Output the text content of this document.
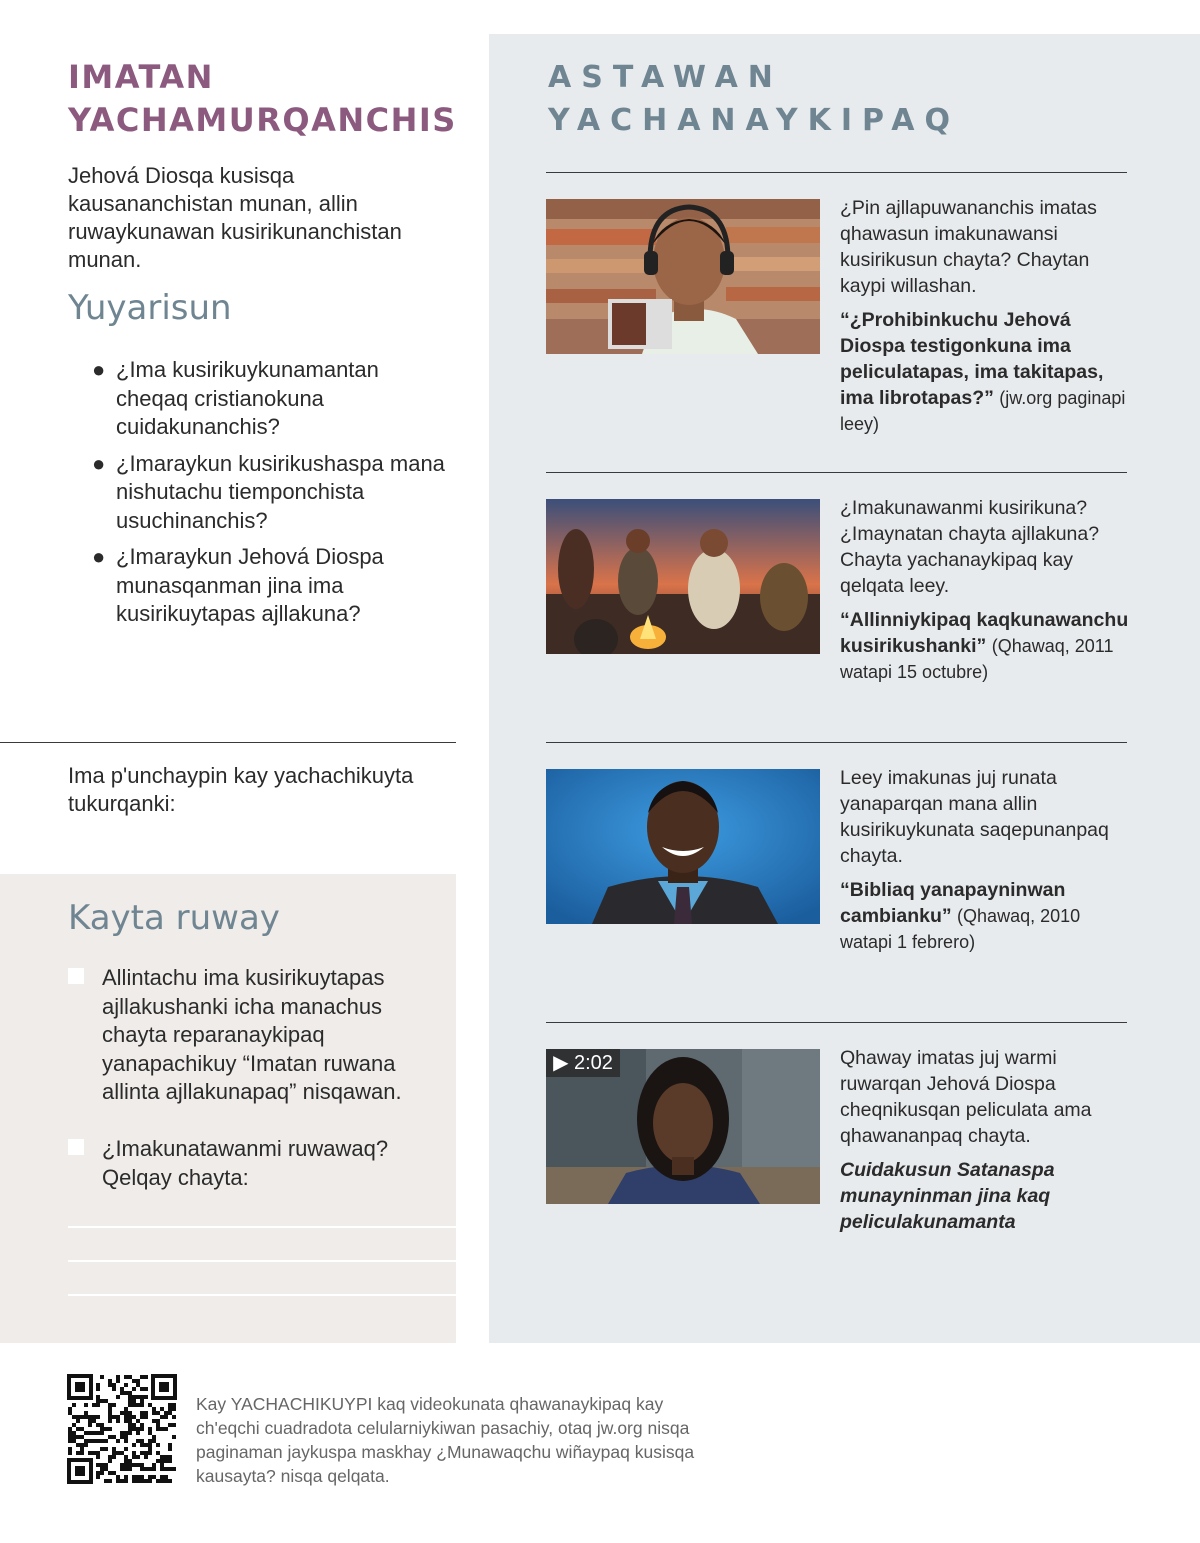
IMATAN
YACHAMURQANCHIS

Jehová Diosqa kusisqa kausananchistan munan, allin ruwaykunawan kusirikunanchistan munan.

Yuyarisun
● ¿Ima kusirikuykunamantan cheqaq cristianokuna cuidakunanchis?
● ¿Imaraykun kusirikushaspa mana nishutachu tiemponchista usuchinanchis?
● ¿Imaraykun Jehová Diospa munasqanman jina ima kusirikuytapas ajllakuna?

Ima p'unchaypin kay yachachikuyta tukurqanki:

Kayta ruway
Allintachu ima kusirikuytapas ajllakushanki icha manachus chayta reparanaykipaq yanapachikuy “Imatan ruwana allinta ajllakunapaq” nisqawan.
¿Imakunatawanmi ruwawaq? Qelqay chayta:
ASTAWAN
YACHANAYKIPAQ

¿Pin ajllapuwananchis imatas qhawasun imakunawansi kusirikusun chayta? Chaytan kaypi willashan.

“¿Prohibinkuchu Jehová Diospa testigonkuna ima peliculatapas, ima takitapas, ima librotapas?” (jw.org paginapi leey)

¿Imakunawanmi kusirikuna? ¿Imaynatan chayta ajllakuna? Chayta yachanaykipaq kay qelqata leey.

“Allinniykipaq kaqkunawanchu kusirikushanki” (Qhawaq, 2011 watapi 15 octubre)

Leey imakunas juj runata yanaparqan mana allin kusirikuykunata saqepunanpaq chayta.

“Bibliaq yanapayninwan cambianku” (Qhawaq, 2010 watapi 1 febrero)

▶ 2:02	Qhaway imatas juj warmi ruwarqan Jehová Diospa cheqnikusqan peliculata ama qhawananpaq chayta.

Cuidakusun Satanaspa munayninman jina kaq peliculakunamanta

Kay YACHACHIKUYPI kaq videokunata qhawanaykipaq kay ch'eqchi cuadradota celularniykiwan pasachiy, otaq jw.org nisqa paginaman jaykuspa maskhay ¿Munawaqchu wiñaypaq kusisqa kausayta? nisqa qelqata.
